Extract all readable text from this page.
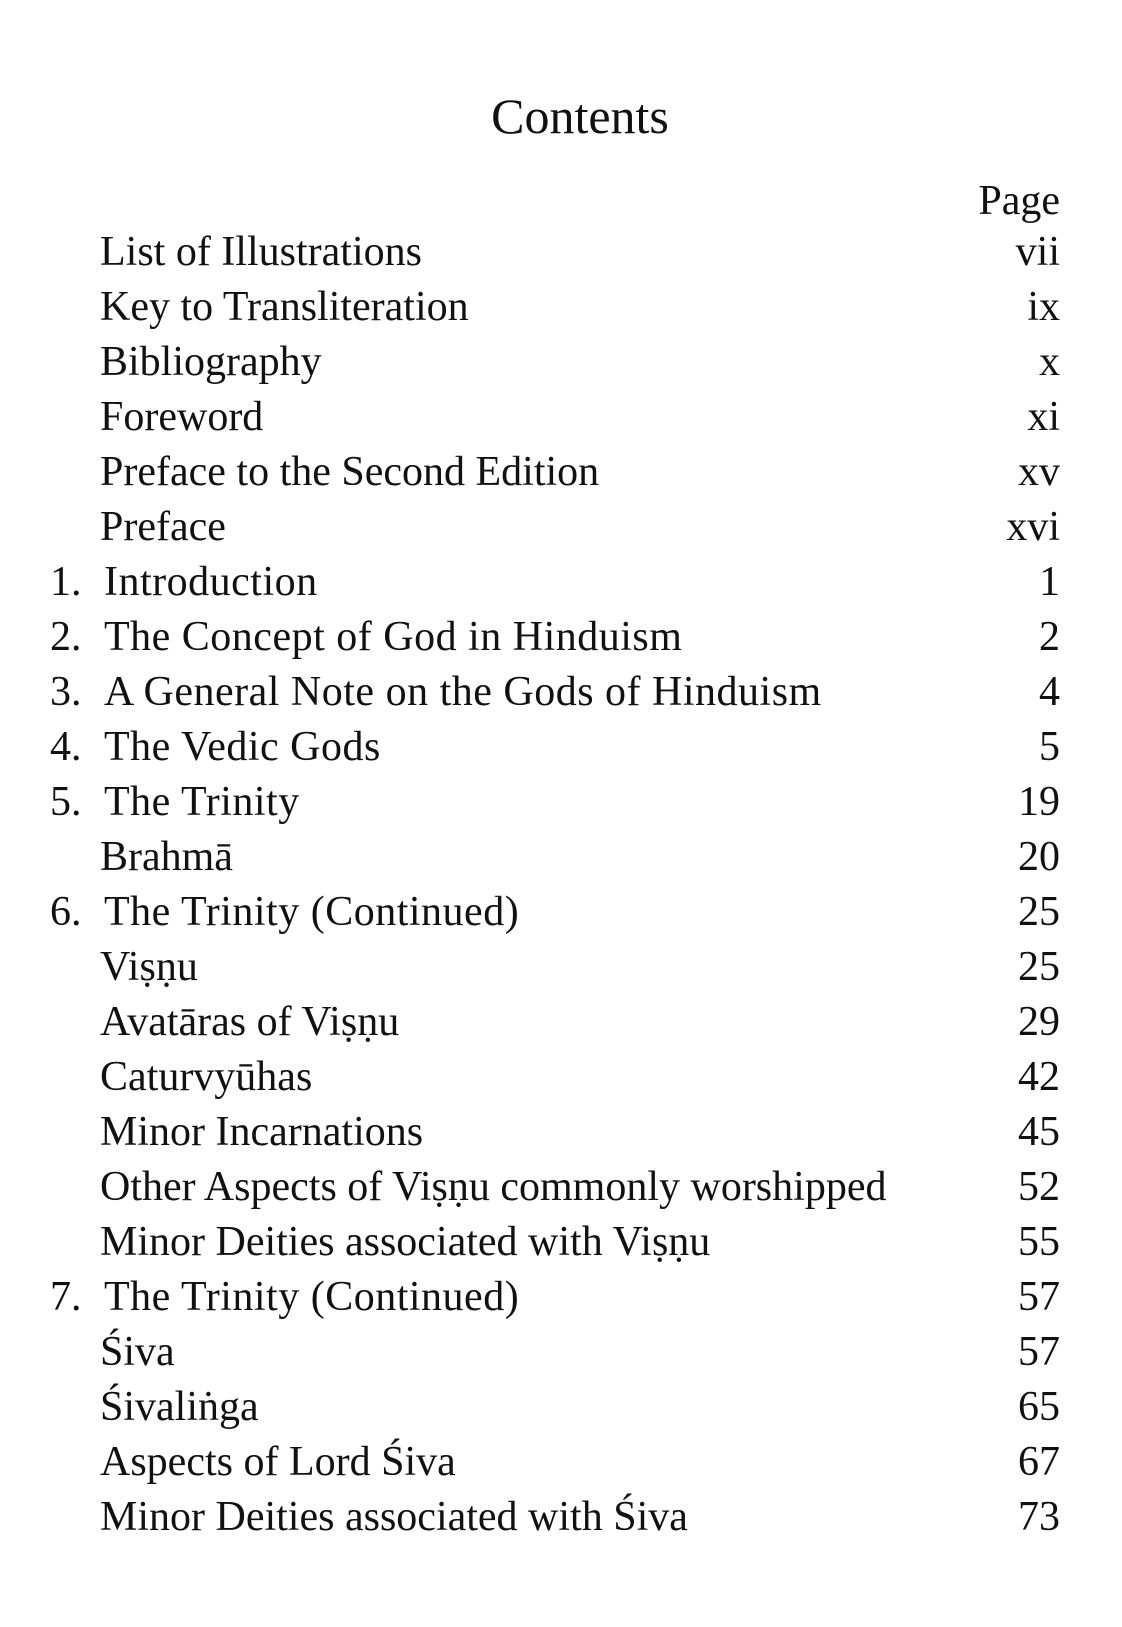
Contents
Page
List of Illustrations	vii
Key to Transliteration	ix
Bibliography	x
Foreword	xi
Preface to the Second Edition	xv
Preface	xvi
1. Introduction	1
2. The Concept of God in Hinduism	2
3. A General Note on the Gods of Hinduism	4
4. The Vedic Gods	5
5. The Trinity	19
Brahmā	20
6. The Trinity (Continued)	25
Viṣṇu	25
Avatāras of Viṣṇu	29
Caturvyūhas	42
Minor Incarnations	45
Other Aspects of Viṣṇu commonly worshipped	52
Minor Deities associated with Viṣṇu	55
7. The Trinity (Continued)	57
Śiva	57
Śivaliṅga	65
Aspects of Lord Śiva	67
Minor Deities associated with Śiva	73
